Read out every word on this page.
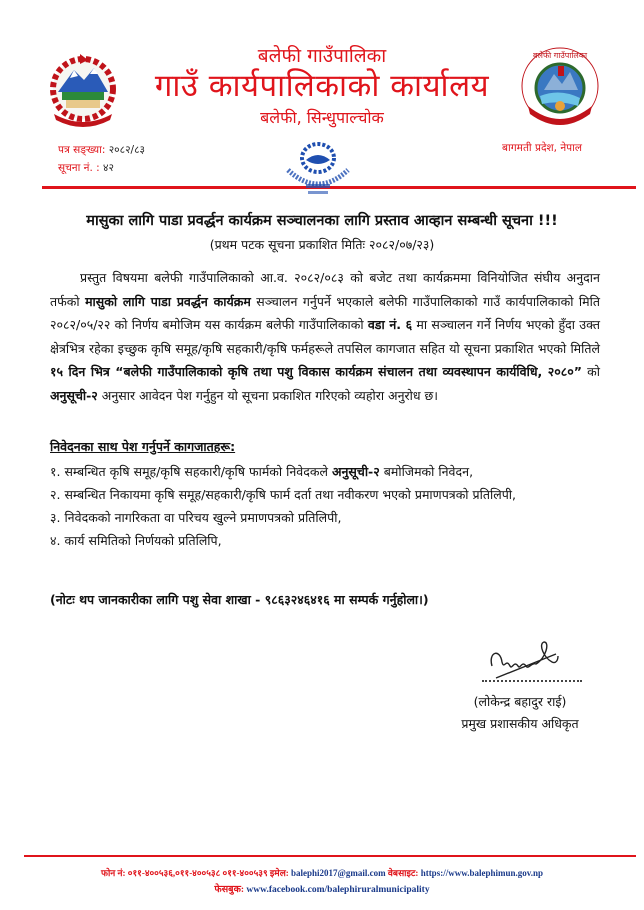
बलेफी गाउँपालिका
बलेफी गाउँपालिका
गाउँ कार्यपालिकाको कार्यालय
बलेफी, सिन्धुपाल्चोक
पत्र सङ्ख्या: २०८२/८३
सूचना नं. : ४२
बागमती प्रदेश, नेपाल
मासुका लागि पाडा प्रवर्द्धन कार्यक्रम सञ्चालनका लागि प्रस्ताव आव्हान सम्बन्धी सूचना !!!
(प्रथम पटक सूचना प्रकाशित मितिः २०८२/०७/२३)
प्रस्तुत विषयमा बलेफी गाउँपालिकाको आ.व. २०८२/०८३ को बजेट तथा कार्यक्रममा विनियोजित संघीय अनुदान तर्फको मासुको लागि पाडा प्रवर्द्धन कार्यक्रम सञ्चालन गर्नुपर्ने भएकाले बलेफी गाउँपालिकाको गाउँ कार्यपालिकाको मिति २०८२/०५/२२ को निर्णय बमोजिम यस कार्यक्रम बलेफी गाउँपालिकाको वडा नं. ६ मा सञ्चालन गर्ने निर्णय भएको हुँदा उक्त क्षेत्रभित्र रहेका इच्छुक कृषि समूह/कृषि सहकारी/कृषि फर्महरूले तपसिल कागजात सहित यो सूचना प्रकाशित भएको मितिले १५ दिन भित्र “बलेफी गाउँपालिकाको कृषि तथा पशु विकास कार्यक्रम संचालन तथा व्यवस्थापन कार्यविधि, २०८०” को अनुसूची-२ अनुसार आवेदन पेश गर्नुहुन यो सूचना प्रकाशित गरिएको व्यहोरा अनुरोध छ।
निवेदनका साथ पेश गर्नुपर्ने कागजातहरू:
१. सम्बन्धित कृषि समूह/कृषि सहकारी/कृषि फार्मको निवेदकले अनुसूची-२ बमोजिमको निवेदन,
२. सम्बन्धित निकायमा कृषि समूह/सहकारी/कृषि फार्म दर्ता तथा नवीकरण भएको प्रमाणपत्रको प्रतिलिपी,
३. निवेदकको नागरिकता वा परिचय खुल्ने प्रमाणपत्रको प्रतिलिपी,
४. कार्य समितिको निर्णयको प्रतिलिपि,
(नोटः थप जानकारीका लागि पशु सेवा शाखा - ९८६३२४६४१६ मा सम्पर्क गर्नुहोला।)
(लोकेन्द्र बहादुर राई)
प्रमुख प्रशासकीय अधिकृत
फोन नं: ०११-४००५३६,०११-४००५३८ ०११-४००५३९ इमेल: balephi2017@gmail.com वेबसाइट: https://www.balephimun.gov.np
फेसबुक: www.facebook.com/balephiruralmunicipality
